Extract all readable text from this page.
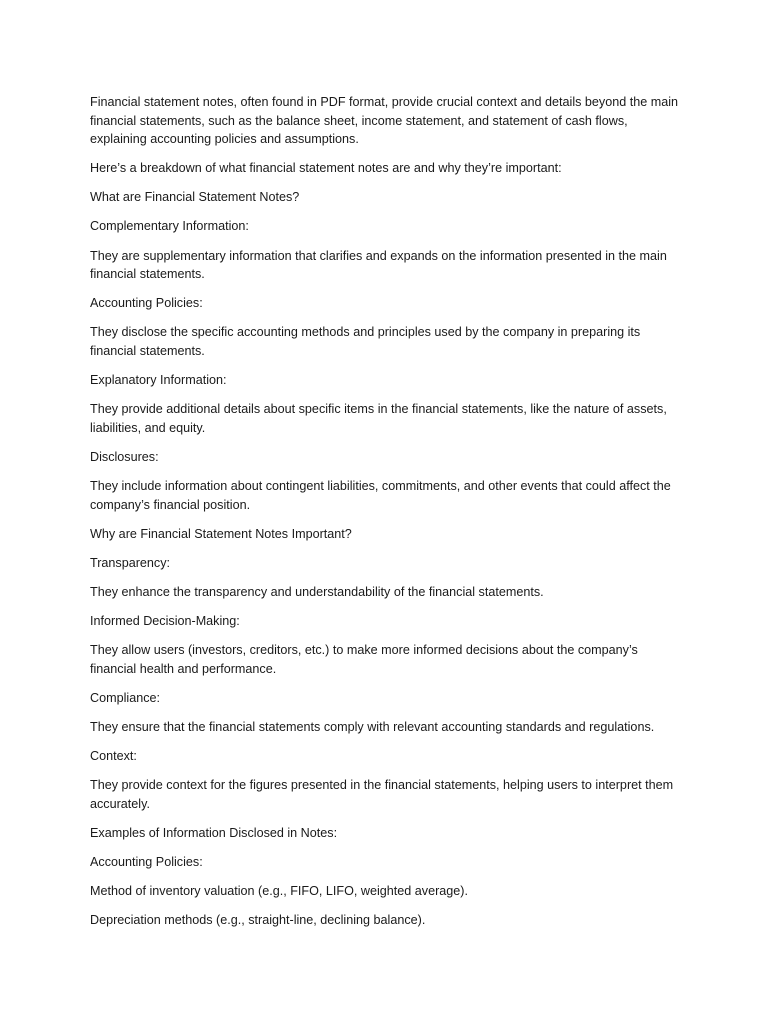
Financial statement notes, often found in PDF format, provide crucial context and details beyond the main financial statements, such as the balance sheet, income statement, and statement of cash flows, explaining accounting policies and assumptions.

Here’s a breakdown of what financial statement notes are and why they’re important:

What are Financial Statement Notes?

Complementary Information:

They are supplementary information that clarifies and expands on the information presented in the main financial statements.

Accounting Policies:

They disclose the specific accounting methods and principles used by the company in preparing its financial statements.

Explanatory Information:

They provide additional details about specific items in the financial statements, like the nature of assets, liabilities, and equity.

Disclosures:

They include information about contingent liabilities, commitments, and other events that could affect the company’s financial position.

Why are Financial Statement Notes Important?

Transparency:

They enhance the transparency and understandability of the financial statements.

Informed Decision-Making:

They allow users (investors, creditors, etc.) to make more informed decisions about the company’s financial health and performance.

Compliance:

They ensure that the financial statements comply with relevant accounting standards and regulations.

Context:

They provide context for the figures presented in the financial statements, helping users to interpret them accurately.

Examples of Information Disclosed in Notes:

Accounting Policies:

Method of inventory valuation (e.g., FIFO, LIFO, weighted average).

Depreciation methods (e.g., straight-line, declining balance).
